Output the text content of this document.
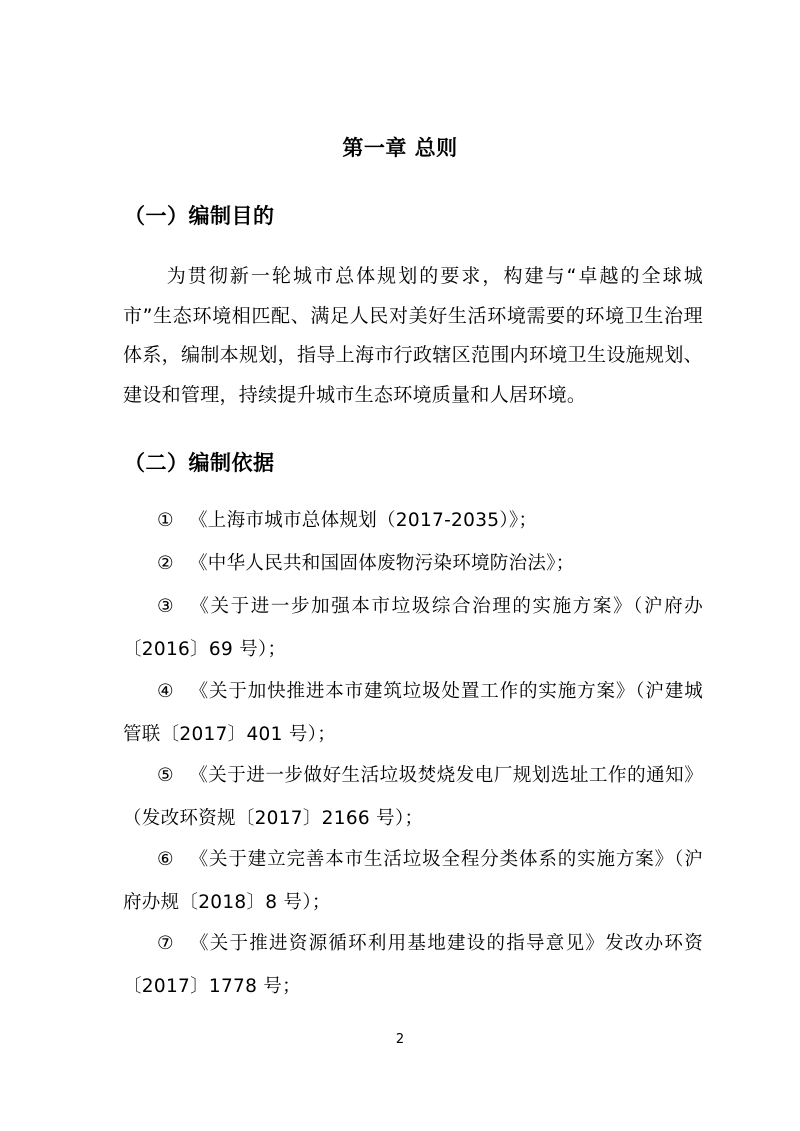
第一章 总则
（一）编制目的
为贯彻新一轮城市总体规划的要求，构建与“卓越的全球城市”生态环境相匹配、满足人民对美好生活环境需要的环境卫生治理体系，编制本规划，指导上海市行政辖区范围内环境卫生设施规划、建设和管理，持续提升城市生态环境质量和人居环境。
（二）编制依据
① 《上海市城市总体规划（2017-2035）》；
② 《中华人民共和国固体废物污染环境防治法》；
③ 《关于进一步加强本市垃圾综合治理的实施方案》（沪府办〔2016〕69 号）；
④ 《关于加快推进本市建筑垃圾处置工作的实施方案》（沪建城管联〔2017〕401 号）；
⑤ 《关于进一步做好生活垃圾焚烧发电厂规划选址工作的通知》（发改环资规〔2017〕2166 号）；
⑥ 《关于建立完善本市生活垃圾全程分类体系的实施方案》（沪府办规〔2018〕8 号）；
⑦ 《关于推进资源循环利用基地建设的指导意见》发改办环资〔2017〕1778 号；
2
